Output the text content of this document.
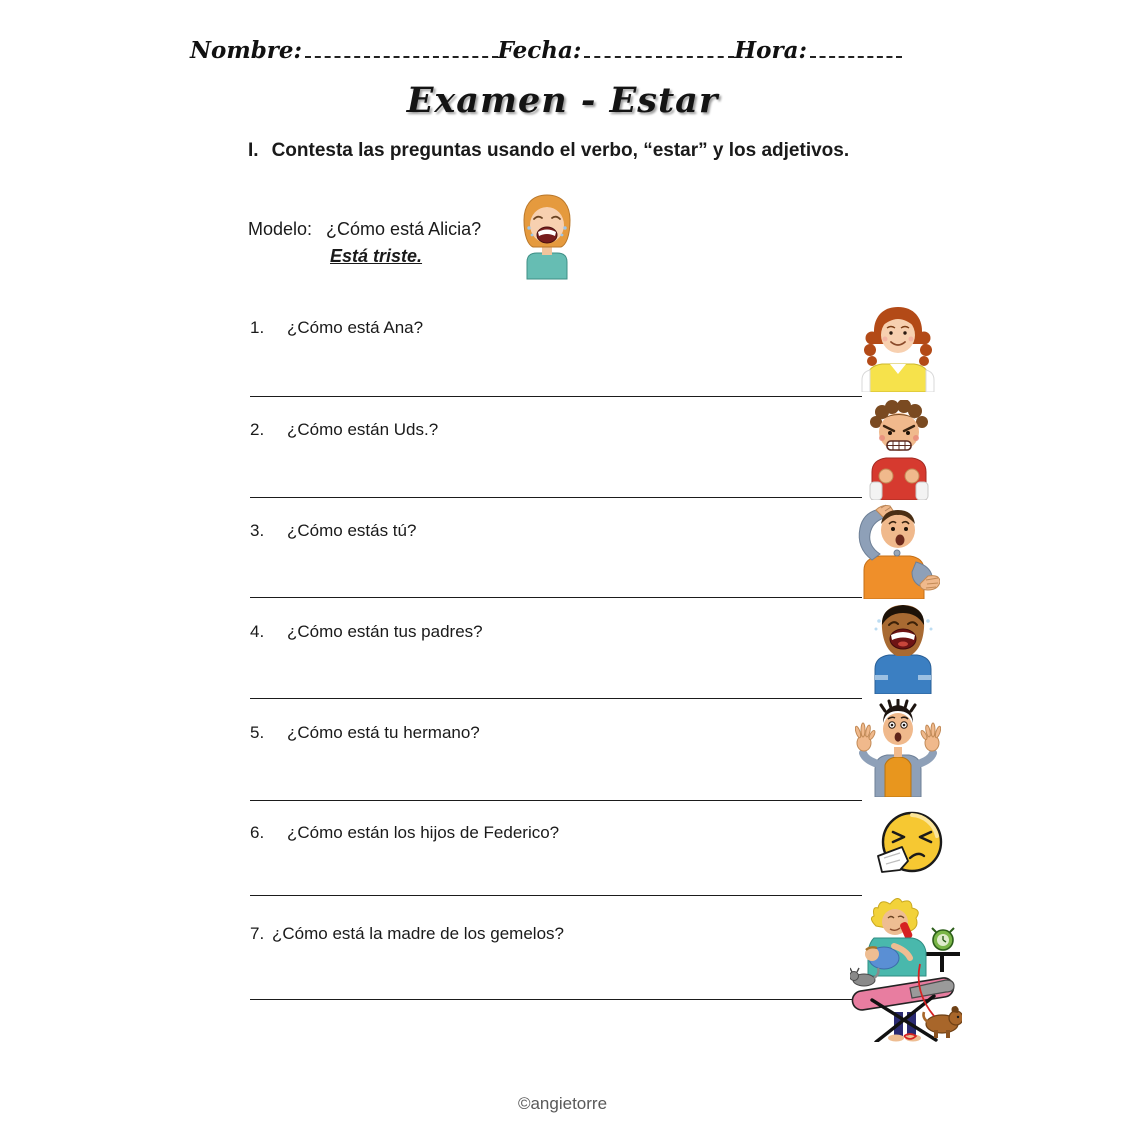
Nombre:	Fecha:	Hora:
Examen - Estar
I. Contesta las preguntas usando el verbo, “estar” y los adjetivos.
Modelo: ¿Cómo está Alicia?
Está triste.
1. ¿Cómo está Ana?
2. ¿Cómo están Uds.?
3. ¿Cómo estás tú?
4. ¿Cómo están tus padres?
5. ¿Cómo está tu hermano?
6. ¿Cómo están los hijos de Federico?
7. ¿Cómo está la madre de los gemelos?
©angietorre
